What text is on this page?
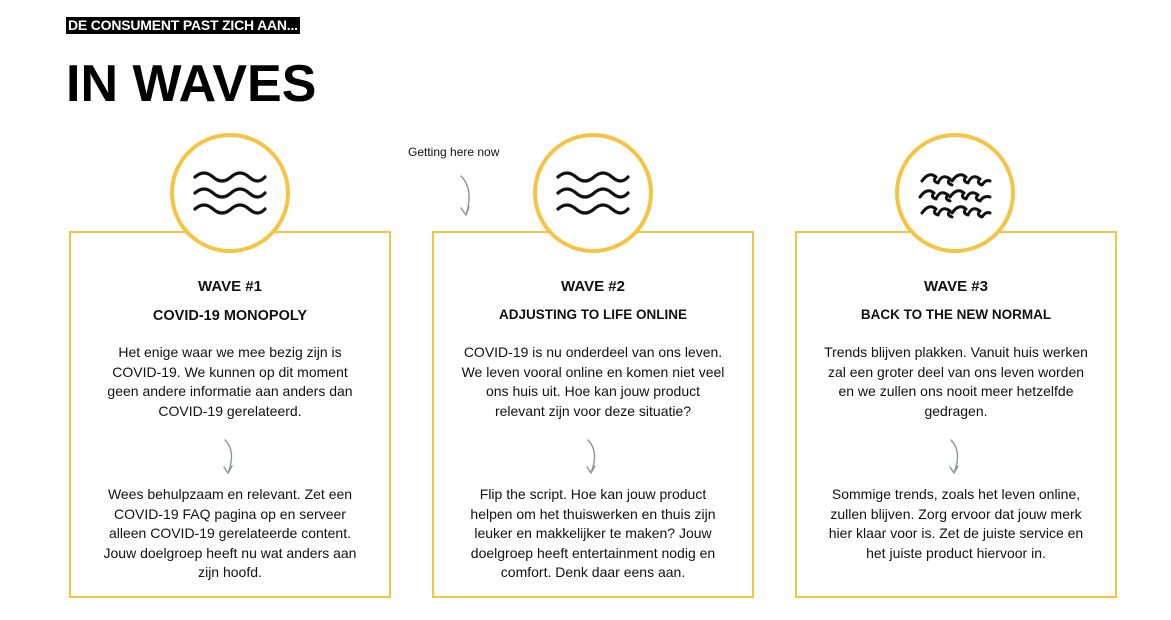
DE CONSUMENT PAST ZICH AAN...
IN WAVES
Getting here now
WAVE #1
COVID-19 MONOPOLY
Het enige waar we mee bezig zijn is COVID-19. We kunnen op dit moment geen andere informatie aan anders dan COVID-19 gerelateerd.
Wees behulpzaam en relevant. Zet een COVID-19 FAQ pagina op en serveer alleen COVID-19 gerelateerde content. Jouw doelgroep heeft nu wat anders aan zijn hoofd.
WAVE #2
ADJUSTING TO LIFE ONLINE
COVID-19 is nu onderdeel van ons leven. We leven vooral online en komen niet veel ons huis uit. Hoe kan jouw product relevant zijn voor deze situatie?
Flip the script. Hoe kan jouw product helpen om het thuiswerken en thuis zijn leuker en makkelijker te maken? Jouw doelgroep heeft entertainment nodig en comfort. Denk daar eens aan.
WAVE #3
BACK TO THE NEW NORMAL
Trends blijven plakken. Vanuit huis werken zal een groter deel van ons leven worden en we zullen ons nooit meer hetzelfde gedragen.
Sommige trends, zoals het leven online, zullen blijven. Zorg ervoor dat jouw merk hier klaar voor is. Zet de juiste service en het juiste product hiervoor in.
